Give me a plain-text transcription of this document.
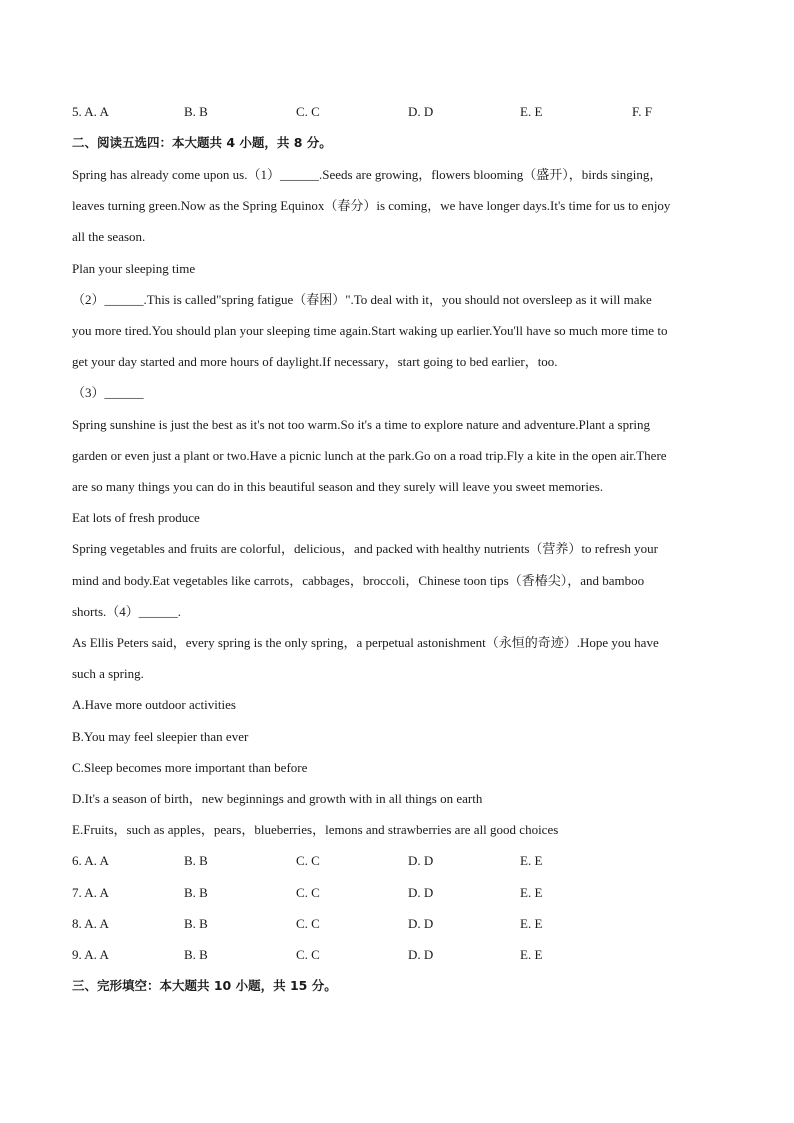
5. A. A	B. B	C. C	D. D	E. E	F. F
二、阅读五选四：本大题共 4 小题，共 8 分。
Spring has already come upon us.（1）______.Seeds are growing，flowers blooming（盛开），birds singing，
leaves turning green.Now as the Spring Equinox（春分）is coming，we have longer days.It's time for us to enjoy
all the season.
Plan your sleeping time
（2）______.This is called"spring fatigue（春困）".To deal with it，you should not oversleep as it will make
you more tired.You should plan your sleeping time again.Start waking up earlier.You'll have so much more time to
get your day started and more hours of daylight.If necessary，start going to bed earlier，too.
（3）______
Spring sunshine is just the best as it's not too warm.So it's a time to explore nature and adventure.Plant a spring
garden or even just a plant or two.Have a picnic lunch at the park.Go on a road trip.Fly a kite in the open air.There
are so many things you can do in this beautiful season and they surely will leave you sweet memories.
Eat lots of fresh produce
Spring vegetables and fruits are colorful，delicious，and packed with healthy nutrients（营养）to refresh your
mind and body.Eat vegetables like carrots，cabbages，broccoli，Chinese toon tips（香椿尖），and bamboo
shorts.（4）______.
As Ellis Peters said，every spring is the only spring，a perpetual astonishment（永恒的奇迹）.Hope you have
such a spring.
A.Have more outdoor activities
B.You may feel sleepier than ever
C.Sleep becomes more important than before
D.It's a season of birth，new beginnings and growth with in all things on earth
E.Fruits，such as apples，pears，blueberries，lemons and strawberries are all good choices
6. A. A	B. B	C. C	D. D	E. E
7. A. A	B. B	C. C	D. D	E. E
8. A. A	B. B	C. C	D. D	E. E
9. A. A	B. B	C. C	D. D	E. E
三、完形填空：本大题共 10 小题，共 15 分。
